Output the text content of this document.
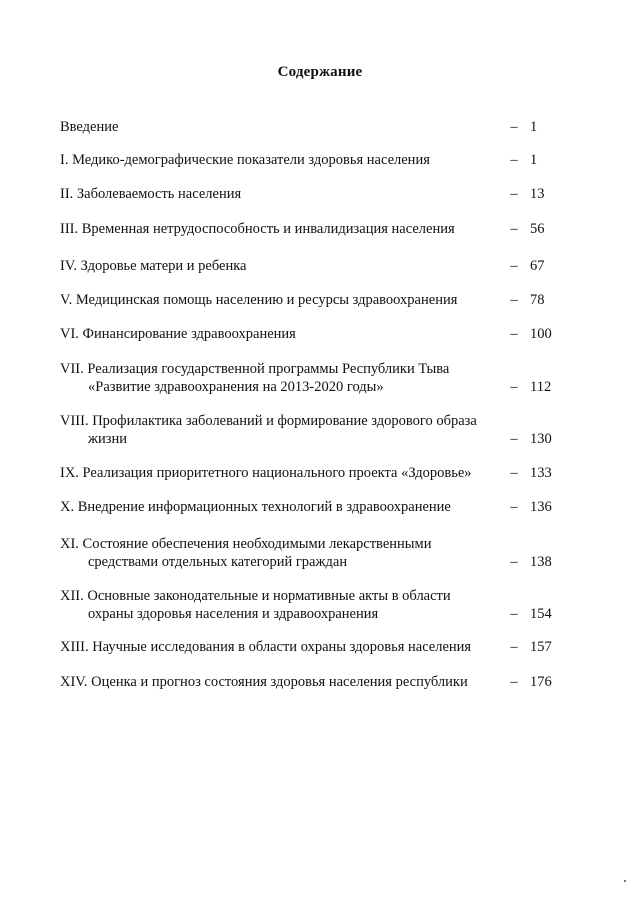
Содержание
Введение	– 1
I. Медико-демографические показатели здоровья населения	– 1
II. Заболеваемость населения	– 13
III. Временная нетрудоспособность и инвалидизация населения	– 56
IV. Здоровье матери и ребенка	– 67
V. Медицинская помощь населению и ресурсы здравоохранения	– 78
VI. Финансирование здравоохранения	– 100
VII. Реализация государственной программы Республики Тыва
«Развитие здравоохранения на 2013-2020 годы»	– 112
VIII. Профилактика заболеваний и формирование здорового образа
жизни	– 130
IX. Реализация приоритетного национального проекта «Здоровье»	– 133
X. Внедрение информационных технологий в здравоохранение	– 136
XI. Состояние обеспечения необходимыми лекарственными
средствами отдельных категорий граждан	– 138
XII. Основные законодательные и нормативные акты в области
охраны здоровья населения и здравоохранения	– 154
XIII. Научные исследования в области охраны здоровья населения	– 157
XIV. Оценка и прогноз состояния здоровья населения республики	– 176
